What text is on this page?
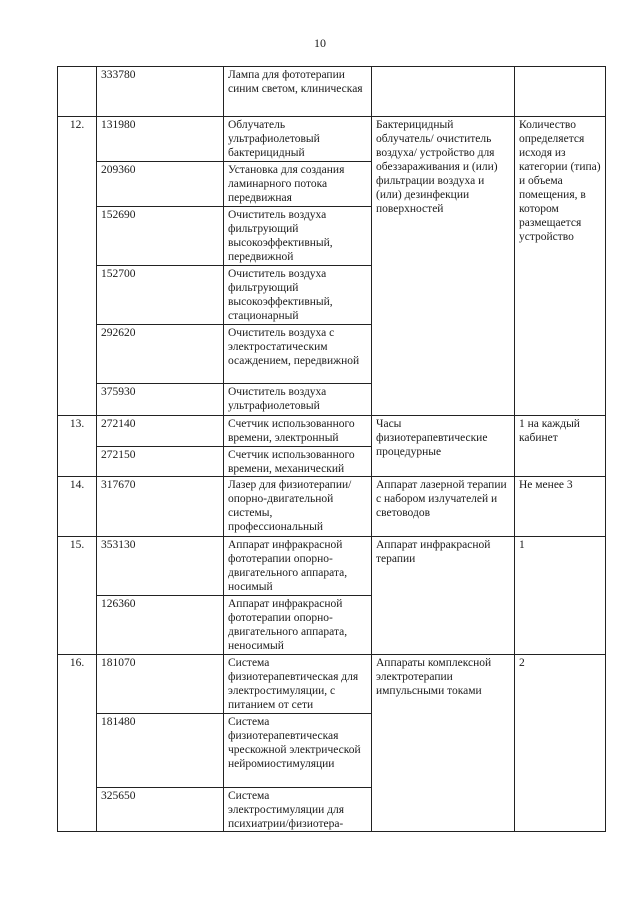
10
	333780	Лампа для фототерапии синим светом, клиническая		
12.	131980	Облучатель ультрафиолетовый бактерицидный	Бактерицидный облучатель/ очиститель воздуха/ устройство для обеззараживания и (или) фильтрации воздуха и (или) дезинфекции поверхностей	Количество определяется исходя из категории (типа) и объема помещения, в котором размещается устройство
	209360	Установка для создания ламинарного потока передвижная		
	152690	Очиститель воздуха фильтрующий высокоэффективный, передвижной		
	152700	Очиститель воздуха фильтрующий высокоэффективный, стационарный		
	292620	Очиститель воздуха с электростатическим осаждением, передвижной		
	375930	Очиститель воздуха ультрафиолетовый		
13.	272140	Счетчик использованного времени, электронный	Часы физиотерапевтические процедурные	1 на каждый кабинет
	272150	Счетчик использованного времени, механический		
14.	317670	Лазер для физиотерапии/опорно-двигательной системы, профессиональный	Аппарат лазерной терапии с набором излучателей и световодов	Не менее 3
15.	353130	Аппарат инфракрасной фототерапии опорно-двигательного аппарата, носимый	Аппарат инфракрасной терапии	1
	126360	Аппарат инфракрасной фототерапии опорно-двигательного аппарата, неносимый		
16.	181070	Система физиотерапевтическая для электростимуляции, с питанием от сети	Аппараты комплексной электротерапии импульсными токами	2
	181480	Система физиотерапевтическая чрескожной электрической нейромиостимуляции		
	325650	Система электростимуляции для психиатрии/физиотера-		
